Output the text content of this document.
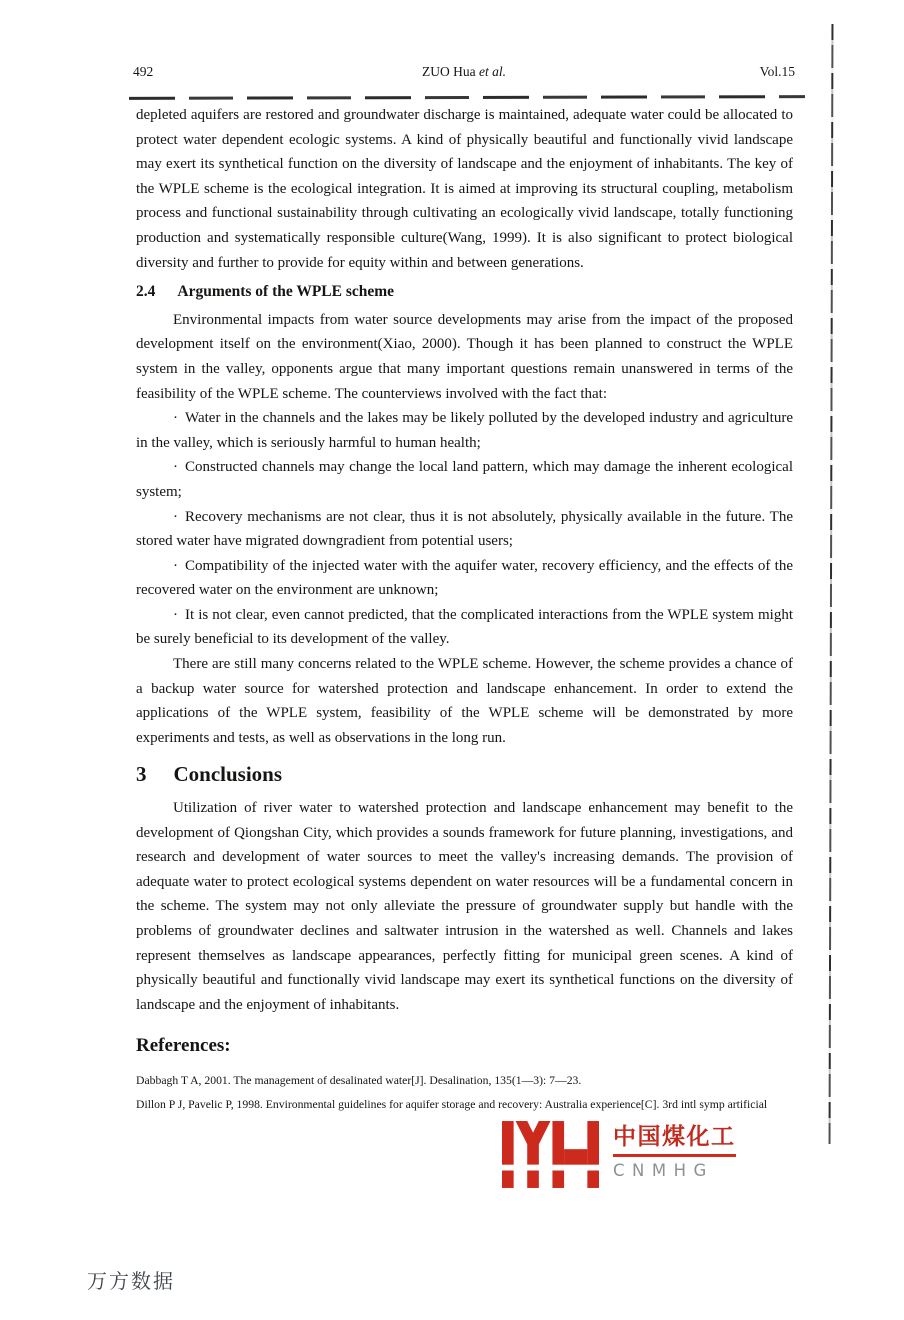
492	ZUO Hua et al.	Vol.15

depleted aquifers are restored and groundwater discharge is maintained, adequate water could be allocated to protect water dependent ecologic systems. A kind of physically beautiful and functionally vivid landscape may exert its synthetical function on the diversity of landscape and the enjoyment of inhabitants. The key of the WPLE scheme is the ecological integration. It is aimed at improving its structural coupling, metabolism process and functional sustainability through cultivating an ecologically vivid landscape, totally functioning production and systematically responsible culture(Wang, 1999). It is also significant to protect biological diversity and further to provide for equity within and between generations.

2.4 Arguments of the WPLE scheme

Environmental impacts from water source developments may arise from the impact of the proposed development itself on the environment(Xiao, 2000). Though it has been planned to construct the WPLE system in the valley, opponents argue that many important questions remain unanswered in terms of the feasibility of the WPLE scheme. The counterviews involved with the fact that:

· Water in the channels and the lakes may be likely polluted by the developed industry and agriculture in the valley, which is seriously harmful to human health;

· Constructed channels may change the local land pattern, which may damage the inherent ecological system;

· Recovery mechanisms are not clear, thus it is not absolutely, physically available in the future. The stored water have migrated downgradient from potential users;

· Compatibility of the injected water with the aquifer water, recovery efficiency, and the effects of the recovered water on the environment are unknown;

· It is not clear, even cannot predicted, that the complicated interactions from the WPLE system might be surely beneficial to its development of the valley.

There are still many concerns related to the WPLE scheme. However, the scheme provides a chance of a backup water source for watershed protection and landscape enhancement. In order to extend the applications of the WPLE system, feasibility of the WPLE scheme will be demonstrated by more experiments and tests, as well as observations in the long run.

3 Conclusions

Utilization of river water to watershed protection and landscape enhancement may benefit to the development of Qiongshan City, which provides a sounds framework for future planning, investigations, and research and development of water sources to meet the valley's increasing demands. The provision of adequate water to protect ecological systems dependent on water resources will be a fundamental concern in the scheme. The system may not only alleviate the pressure of groundwater supply but handle with the problems of groundwater declines and saltwater intrusion in the watershed as well. Channels and lakes represent themselves as landscape appearances, perfectly fitting for municipal green scenes. A kind of physically beautiful and functionally vivid landscape may exert its synthetical functions on the diversity of landscape and the enjoyment of inhabitants.

References:

Dabbagh T A, 2001. The management of desalinated water[J]. Desalination, 135(1—3): 7—23.

Dillon P J, Pavelic P, 1998. Environmental guidelines for aquifer storage and recovery: Australia experience[C]. 3rd intl symp artificial

中国煤化工
CNMHG
万方数据
